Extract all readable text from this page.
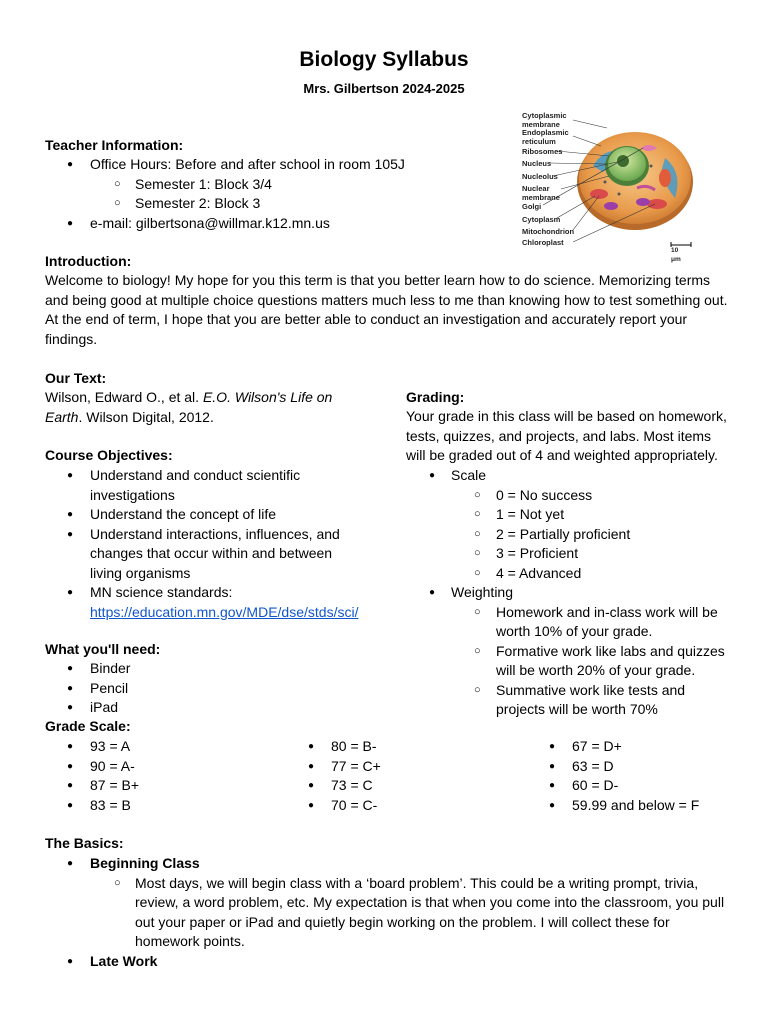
Biology Syllabus
Mrs. Gilbertson 2024-2025
Cytoplasmic membrane
Endoplasmic reticulum
Ribosomes
Nucleus
Nucleolus
Nuclear membrane
Golgi
Cytoplasm
Mitochondrion
Chloroplast
10 μm
Teacher Information:
● Office Hours: Before and after school in room 105J
○ Semester 1: Block 3/4
○ Semester 2: Block 3
● e-mail: gilbertsona@willmar.k12.mn.us
Introduction:
Welcome to biology! My hope for you this term is that you better learn how to do science. Memorizing terms
and being good at multiple choice questions matters much less to me than knowing how to test something out.
At the end of term, I hope that you are better able to conduct an investigation and accurately report your
findings.
Our Text:
Wilson, Edward O., et al. E.O. Wilson's Life on
Earth. Wilson Digital, 2012.
Course Objectives:
● Understand and conduct scientific
investigations
● Understand the concept of life
● Understand interactions, influences, and
changes that occur within and between
living organisms
● MN science standards:
https://education.mn.gov/MDE/dse/stds/sci/
What you'll need:
● Binder
● Pencil
● iPad
Grading:
Your grade in this class will be based on homework,
tests, quizzes, and projects, and labs. Most items
will be graded out of 4 and weighted appropriately.
● Scale
○ 0 = No success
○ 1 = Not yet
○ 2 = Partially proficient
○ 3 = Proficient
○ 4 = Advanced
● Weighting
○ Homework and in-class work will be
worth 10% of your grade.
○ Formative work like labs and quizzes
will be worth 20% of your grade.
○ Summative work like tests and
projects will be worth 70%
Grade Scale:
● 93 = A
● 90 = A-
● 87 = B+
● 83 = B
● 80 = B-
● 77 = C+
● 73 = C
● 70 = C-
● 67 = D+
● 63 = D
● 60 = D-
● 59.99 and below = F
The Basics:
● Beginning Class
○ Most days, we will begin class with a ‘board problem’. This could be a writing prompt, trivia,
review, a word problem, etc. My expectation is that when you come into the classroom, you pull
out your paper or iPad and quietly begin working on the problem. I will collect these for
homework points.
● Late Work
